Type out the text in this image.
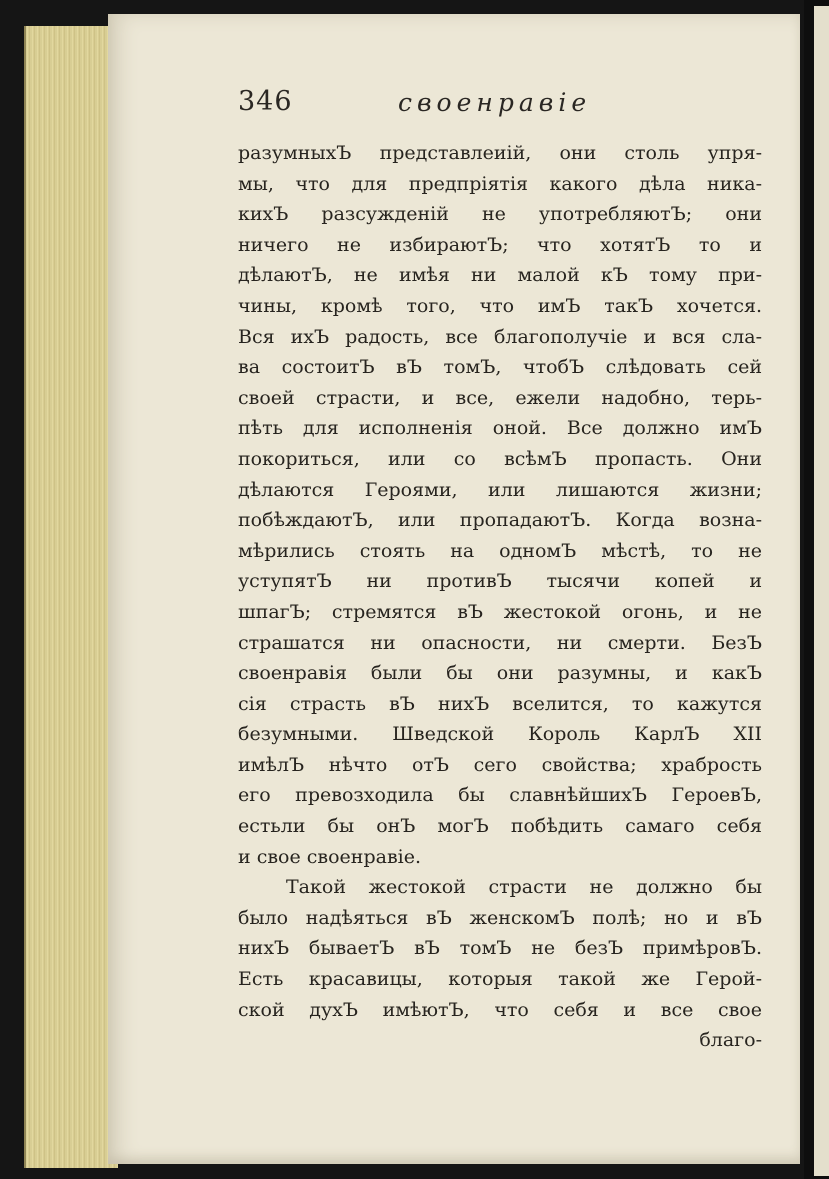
346	своенравіе
разумныхЪ представлеиій, они столь упря-
мы, что для предпріятія какого дѣла ника-
кихЪ разсужденій не употребляютЪ; они
ничего не избираютЪ; что хотятЪ то и
дѣлаютЪ, не имѣя ни малой кЪ тому при-
чины, кромѣ того, что имЪ такЪ хочется.
Вся ихЪ радость, все благополучіе и вся сла-
ва состоитЪ вЪ томЪ, чтобЪ слѣдовать сей
своей страсти, и все, ежели надобно, терь-
пѣть для исполненія оной. Все должно имЪ
покориться, или со всѣмЪ пропасть. Они
дѣлаются Героями, или лишаются жизни;
побѣждаютЪ, или пропадаютЪ. Когда возна-
мѣрились стоять на одномЪ мѣстѣ, то не
уступятЪ ни противЪ тысячи копей и
шпагЪ; стремятся вЪ жестокой огонь, и не
страшатся ни опасности, ни смерти. БезЪ
своенравія были бы они разумны, и какЪ
сія страсть вЪ нихЪ вселится, то кажутся
безумными. Шведской Король КарлЪ XII
имѣлЪ нѣчто отЪ сего свойства; храбрость
его превозходила бы славнѣйшихЪ ГероевЪ,
естьли бы онЪ могЪ побѣдить самаго себя
и свое своенравіе.
Такой жестокой страсти не должно бы
было надѣяться вЪ женскомЪ полѣ; но и вЪ
нихЪ бываетЪ вЪ томЪ не безЪ примѣровЪ.
Есть красавицы, которыя такой же Герой-
ской духЪ имѣютЪ, что себя и все свое
благо-
